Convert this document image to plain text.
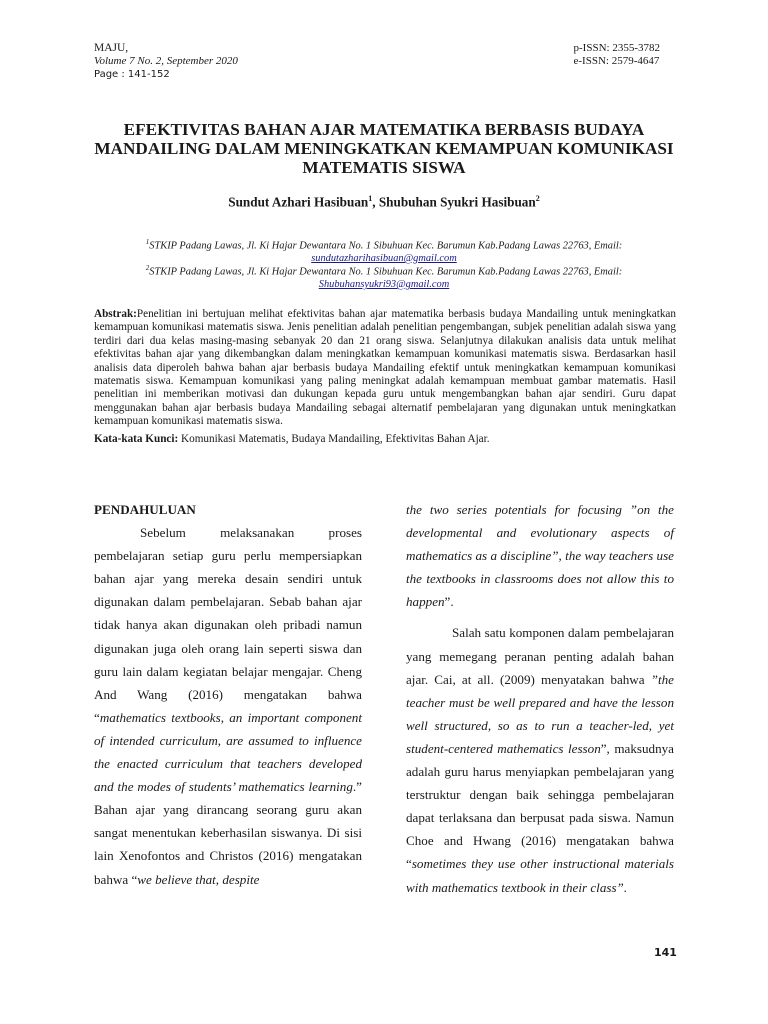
MAJU,
Volume 7 No. 2, September 2020
Page : 141-152
p-ISSN: 2355-3782
e-ISSN: 2579-4647
EFEKTIVITAS BAHAN AJAR MATEMATIKA BERBASIS BUDAYA MANDAILING DALAM MENINGKATKAN KEMAMPUAN KOMUNIKASI MATEMATIS SISWA
Sundut Azhari Hasibuan$^1$, Shubuhan Syukri Hasibuan$^2$
$^1$STKIP Padang Lawas, Jl. Ki Hajar Dewantara No. 1 Sibuhuan Kec. Barumun Kab.Padang Lawas 22763, Email:
sundutazharihasibuan@gmail.com
$^2$STKIP Padang Lawas, Jl. Ki Hajar Dewantara No. 1 Sibuhuan Kec. Barumun Kab.Padang Lawas 22763, Email:
Shubuhansyukri93@gmail.com

Abstrak:Penelitian ini bertujuan melihat efektivitas bahan ajar matematika berbasis budaya Mandailing untuk meningkatkan kemampuan komunikasi matematis siswa. Jenis penelitian adalah penelitian pengembangan, subjek penelitian adalah siswa yang terdiri dari dua kelas masing-masing sebanyak 20 dan 21 orang siswa. Selanjutnya dilakukan analisis data untuk melihat efektivitas bahan ajar yang dikembangkan dalam meningkatkan kemampuan komunikasi matematis siswa. Berdasarkan hasil analisis data diperoleh bahwa bahan ajar berbasis budaya Mandailing efektif untuk meningkatkan kemampuan komunikasi matematis siswa. Kemampuan komunikasi yang paling meningkat adalah kemampuan membuat gambar matematis. Hasil penelitian ini memberikan motivasi dan dukungan kepada guru untuk mengembangkan bahan ajar sendiri. Guru dapat menggunakan bahan ajar berbasis budaya Mandailing sebagai alternatif pembelajaran yang digunakan untuk meningkatkan kemampuan komunikasi matematis siswa.

Kata-kata Kunci: Komunikasi Matematis, Budaya Mandailing, Efektivitas Bahan Ajar.

PENDAHULUAN

Sebelum melaksanakan proses pembelajaran setiap guru perlu mempersiapkan bahan ajar yang mereka desain sendiri untuk digunakan dalam pembelajaran. Sebab bahan ajar tidak hanya akan digunakan oleh pribadi namun digunakan juga oleh orang lain seperti siswa dan guru lain dalam kegiatan belajar mengajar. Cheng And Wang (2016) mengatakan bahwa “mathematics textbooks, an important component of intended curriculum, are assumed to influence the enacted curriculum that teachers developed and the modes of students’ mathematics learning.” Bahan ajar yang dirancang seorang guru akan sangat menentukan keberhasilan siswanya. Di sisi lain Xenofontos and Christos (2016) mengatakan bahwa “we believe that, despite

the two series potentials for focusing ”on the developmental and evolutionary aspects of mathematics as a discipline”, the way teachers use the textbooks in classrooms does not allow this to happen”.

Salah satu komponen dalam pembelajaran yang memegang peranan penting adalah bahan ajar. Cai, at all. (2009) menyatakan bahwa ”the teacher must be well prepared and have the lesson well structured, so as to run a teacher-led, yet student-centered mathematics lesson”, maksudnya adalah guru harus menyiapkan pembelajaran yang terstruktur dengan baik sehingga pembelajaran dapat terlaksana dan berpusat pada siswa. Namun Choe and Hwang (2016) mengatakan bahwa “sometimes they use other instructional materials with mathematics textbook in their class”.

141
